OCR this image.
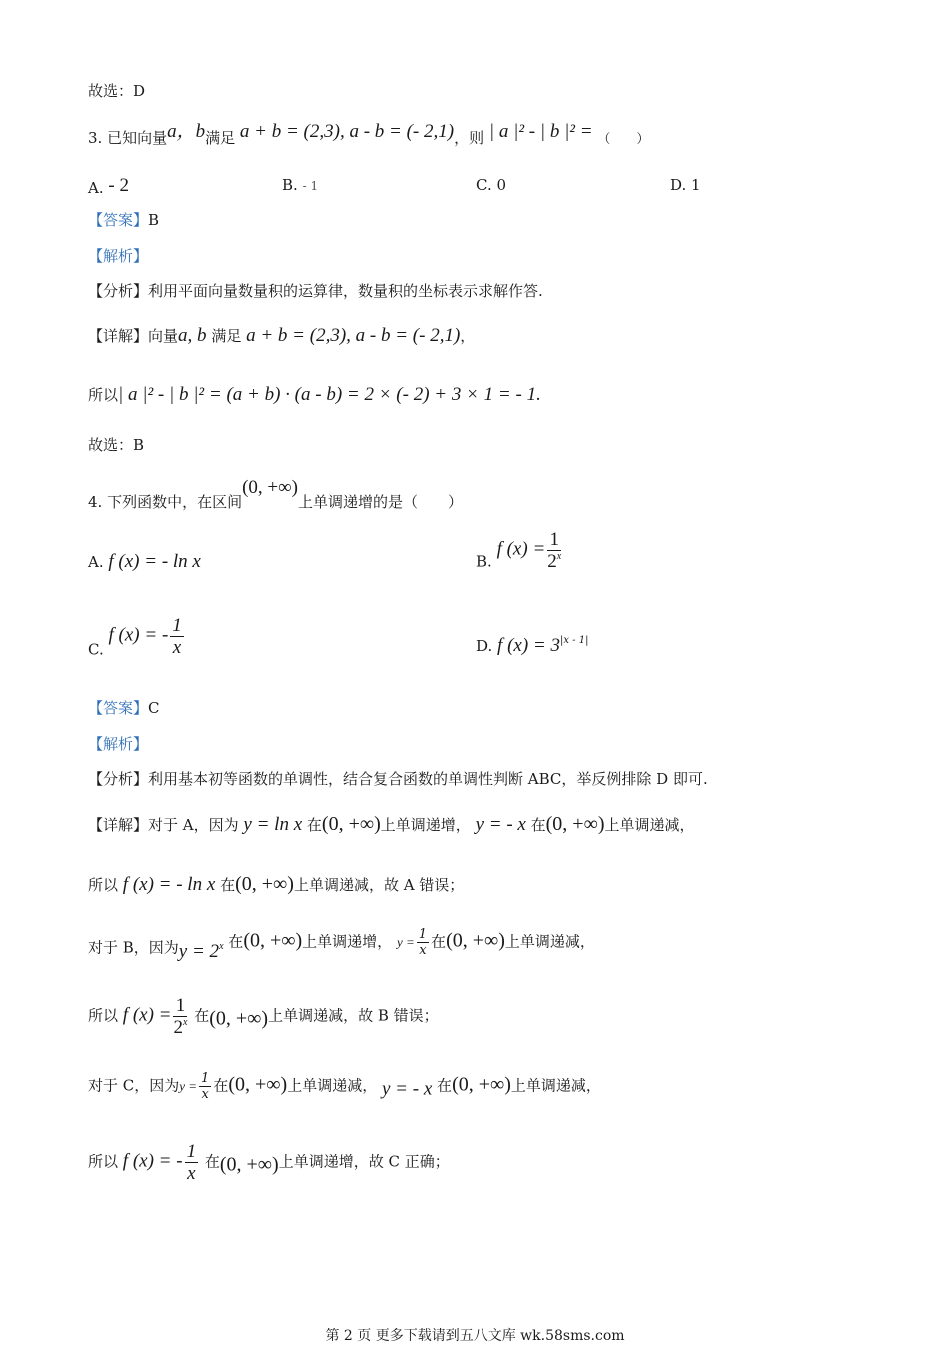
故选：D
3. 已知向量a，b满足 a + b = (2,3), a - b = (- 2,1)，则 | a |² - | b |² = （　　）
A. - 2	B. - 1	C. 0	D. 1
【答案】B
【解析】
【分析】利用平面向量数量积的运算律，数量积的坐标表示求解作答.
【详解】向量a, b 满足 a + b = (2,3), a - b = (- 2,1)，
所以| a |² - | b |² = (a + b) · (a - b) = 2 × (- 2) + 3 × 1 = - 1.
故选：B
4. 下列函数中，在区间(0, +∞)上单调递增的是（　　）
A. f (x) = - ln x	B. f $(x) = \frac{1}{2^x}$
C. f (x) = - $\frac{1}{x}$	D. f $(x) = 3^{|x - 1|}$
【答案】C
【解析】
【分析】利用基本初等函数的单调性，结合复合函数的单调性判断 ABC，举反例排除 D 即可.
【详解】对于 A，因为 y = ln x 在(0, +∞)上单调递增， y = - x 在(0, +∞)上单调递减，
所以 f (x) = - ln x 在(0, +∞)上单调递减，故 A 错误；
对于 B，因为$y = 2^x$ 在(0, +∞)上单调递增， $y = \frac{1}{x}$ 在(0, +∞)上单调递减，
所以 f $(x) = \frac{1}{2^x}$ 在(0, +∞)上单调递减，故 B 错误；
对于 C，因为$y = \frac{1}{x}$ 在(0, +∞)上单调递减， y = - x 在(0, +∞)上单调递减，
所以 f (x) = - $\frac{1}{x}$ 在(0, +∞)上单调递增，故 C 正确；
第 2 页 更多下载请到五八文库 wk.58sms.com
